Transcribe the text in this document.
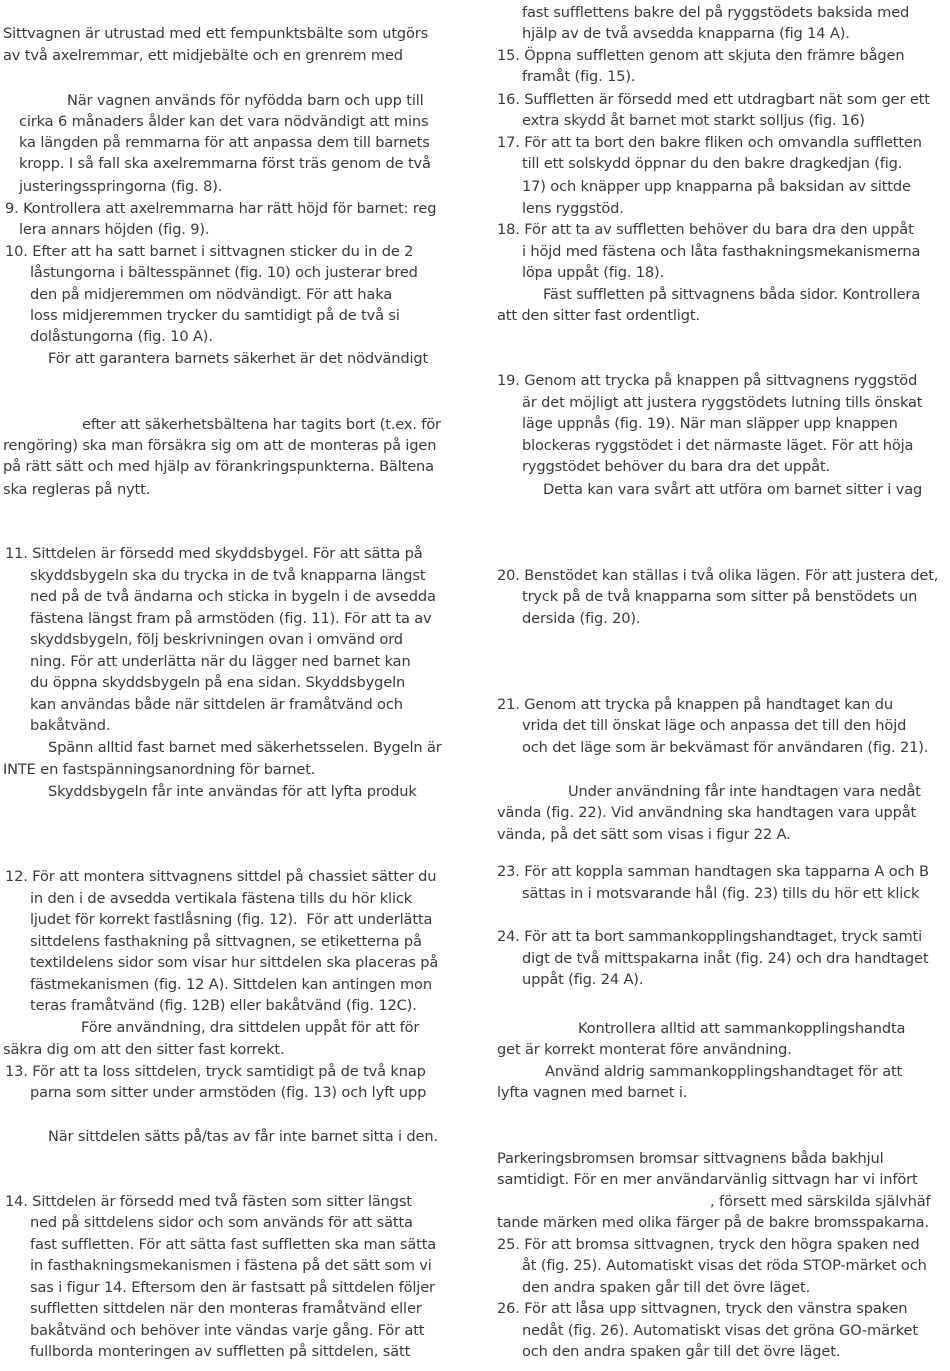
Sittvagnen är utrustad med ett fempunktsbälte som utgörs

av två axelremmar, ett midjebälte och en grenrem med

När vagnen används för nyfödda barn och upp till

cirka 6 månaders ålder kan det vara nödvändigt att mins

ka längden på remmarna för att anpassa dem till barnets

kropp. I så fall ska axelremmarna först träs genom de två

justeringsspringorna (fig. 8).

9. Kontrollera att axelremmarna har rätt höjd för barnet: reg

lera annars höjden (fig. 9).

10. Efter att ha satt barnet i sittvagnen sticker du in de 2

låstungorna i bältesspännet (fig. 10) och justerar bred

den på midjeremmen om nödvändigt. För att haka

loss midjeremmen trycker du samtidigt på de två si

dolåstungorna (fig. 10 A).

För att garantera barnets säkerhet är det nödvändigt

efter att säkerhetsbältena har tagits bort (t.ex. för

rengöring) ska man försäkra sig om att de monteras på igen

på rätt sätt och med hjälp av förankringspunkterna. Bältena

ska regleras på nytt.

11. Sittdelen är försedd med skyddsbygel. För att sätta på

skyddsbygeln ska du trycka in de två knapparna längst

ned på de två ändarna och sticka in bygeln i de avsedda

fästena längst fram på armstöden (fig. 11). För att ta av

skyddsbygeln, följ beskrivningen ovan i omvänd ord

ning. För att underlätta när du lägger ned barnet kan

du öppna skyddsbygeln på ena sidan. Skyddsbygeln

kan användas både när sittdelen är framåtvänd och

bakåtvänd.

Spänn alltid fast barnet med säkerhetsselen. Bygeln är

INTE en fastspänningsanordning för barnet.

Skyddsbygeln får inte användas för att lyfta produk

12. För att montera sittvagnens sittdel på chassiet sätter du

in den i de avsedda vertikala fästena tills du hör klick

ljudet för korrekt fastlåsning (fig. 12).  För att underlätta

sittdelens fasthakning på sittvagnen, se etiketterna på

textildelens sidor som visar hur sittdelen ska placeras på

fästmekanismen (fig. 12 A). Sittdelen kan antingen mon

teras framåtvänd (fig. 12B) eller bakåtvänd (fig. 12C).

Före användning, dra sittdelen uppåt för att för

säkra dig om att den sitter fast korrekt.

13. För att ta loss sittdelen, tryck samtidigt på de två knap

parna som sitter under armstöden (fig. 13) och lyft upp

När sittdelen sätts på/tas av får inte barnet sitta i den.

14. Sittdelen är försedd med två fästen som sitter längst

ned på sittdelens sidor och som används för att sätta

fast suffletten. För att sätta fast suffletten ska man sätta

in fasthakningsmekanismen i fästena på det sätt som vi

sas i figur 14. Eftersom den är fastsatt på sittdelen följer

suffletten sittdelen när den monteras framåtvänd eller

bakåtvänd och behöver inte vändas varje gång. För att

fullborda monteringen av suffletten på sittdelen, sätt

fast sufflettens bakre del på ryggstödets baksida med

hjälp av de två avsedda knapparna (fig 14 A).

15. Öppna suffletten genom att skjuta den främre bågen

framåt (fig. 15).

16. Suffletten är försedd med ett utdragbart nät som ger ett

extra skydd åt barnet mot starkt solljus (fig. 16)

17. För att ta bort den bakre fliken och omvandla suffletten

till ett solskydd öppnar du den bakre dragkedjan (fig.

17) och knäpper upp knapparna på baksidan av sittde

lens ryggstöd.

18. För att ta av suffletten behöver du bara dra den uppåt

i höjd med fästena och låta fasthakningsmekanismerna

löpa uppåt (fig. 18).

Fäst suffletten på sittvagnens båda sidor. Kontrollera

att den sitter fast ordentligt.

19. Genom att trycka på knappen på sittvagnens ryggstöd

är det möjligt att justera ryggstödets lutning tills önskat

läge uppnås (fig. 19). När man släpper upp knappen

blockeras ryggstödet i det närmaste läget. För att höja

ryggstödet behöver du bara dra det uppåt.

Detta kan vara svårt att utföra om barnet sitter i vag

20. Benstödet kan ställas i två olika lägen. För att justera det,

tryck på de två knapparna som sitter på benstödets un

dersida (fig. 20).

21. Genom att trycka på knappen på handtaget kan du

vrida det till önskat läge och anpassa det till den höjd

och det läge som är bekvämast för användaren (fig. 21).

Under användning får inte handtagen vara nedåt

vända (fig. 22). Vid användning ska handtagen vara uppåt

vända, på det sätt som visas i figur 22 A.

23. För att koppla samman handtagen ska tapparna A och B

sättas in i motsvarande hål (fig. 23) tills du hör ett klick

24. För att ta bort sammankopplingshandtaget, tryck samti

digt de två mittspakarna inåt (fig. 24) och dra handtaget

uppåt (fig. 24 A).

Kontrollera alltid att sammankopplingshandta

get är korrekt monterat före användning.

Använd aldrig sammankopplingshandtaget för att

lyfta vagnen med barnet i.

Parkeringsbromsen bromsar sittvagnens båda bakhjul

samtidigt. För en mer användarvänlig sittvagn har vi infört

, försett med särskilda självhäf

tande märken med olika färger på de bakre bromsspakarna.

25. För att bromsa sittvagnen, tryck den högra spaken ned

åt (fig. 25). Automatiskt visas det röda STOP-märket och

den andra spaken går till det övre läget.

26. För att låsa upp sittvagnen, tryck den vänstra spaken

nedåt (fig. 26). Automatiskt visas det gröna GO-märket

och den andra spaken går till det övre läget.
